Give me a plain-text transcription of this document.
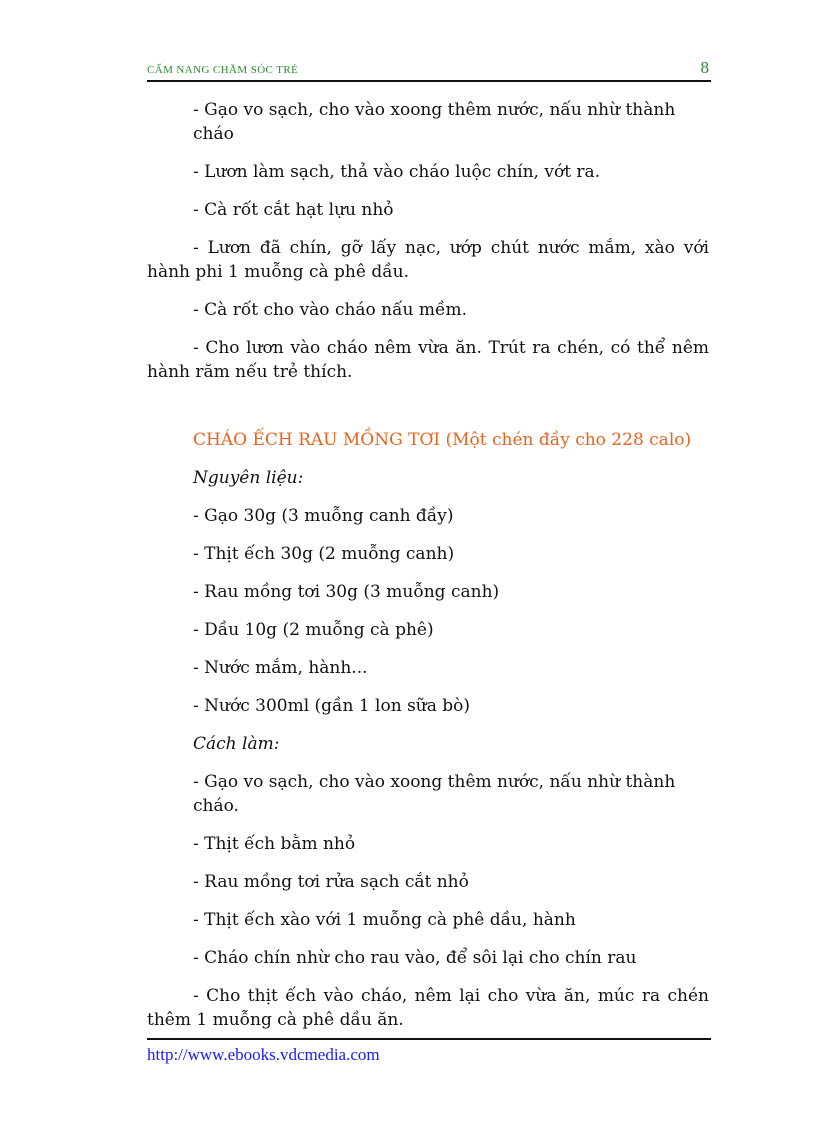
CẨM NANG CHĂM SÓC TRẺ	8

- Gạo vo sạch, cho vào xoong thêm nước, nấu nhừ thành cháo

- Lươn làm sạch, thả vào cháo luộc chín, vớt ra.

- Cà rốt cắt hạt lựu nhỏ

- Lươn đã chín, gỡ lấy nạc, ướp chút nước mắm, xào với hành phi 1 muỗng cà phê dầu.

- Cà rốt cho vào cháo nấu mềm.

- Cho lươn vào cháo nêm vừa ăn. Trút ra chén, có thể nêm hành răm nếu trẻ thích.

CHÁO ẾCH RAU MỒNG TƠI (Một chén đầy cho 228 calo)

Nguyên liệu:

- Gạo 30g (3 muỗng canh đầy)

- Thịt ếch 30g (2 muỗng canh)

- Rau mồng tơi 30g (3 muỗng canh)

- Dầu 10g (2 muỗng cà phê)

- Nước mắm, hành...

- Nước 300ml (gần 1 lon sữa bò)

Cách làm:

- Gạo vo sạch, cho vào xoong thêm nước, nấu nhừ thành cháo.

- Thịt ếch bằm nhỏ

- Rau mồng tơi rửa sạch cắt nhỏ

- Thịt ếch xào với 1 muỗng cà phê dầu, hành

- Cháo chín nhừ cho rau vào, để sôi lại cho chín rau

- Cho thịt ếch vào cháo, nêm lại cho vừa ăn, múc ra chén thêm 1 muỗng cà phê dầu ăn.

http://www.ebooks.vdcmedia.com
